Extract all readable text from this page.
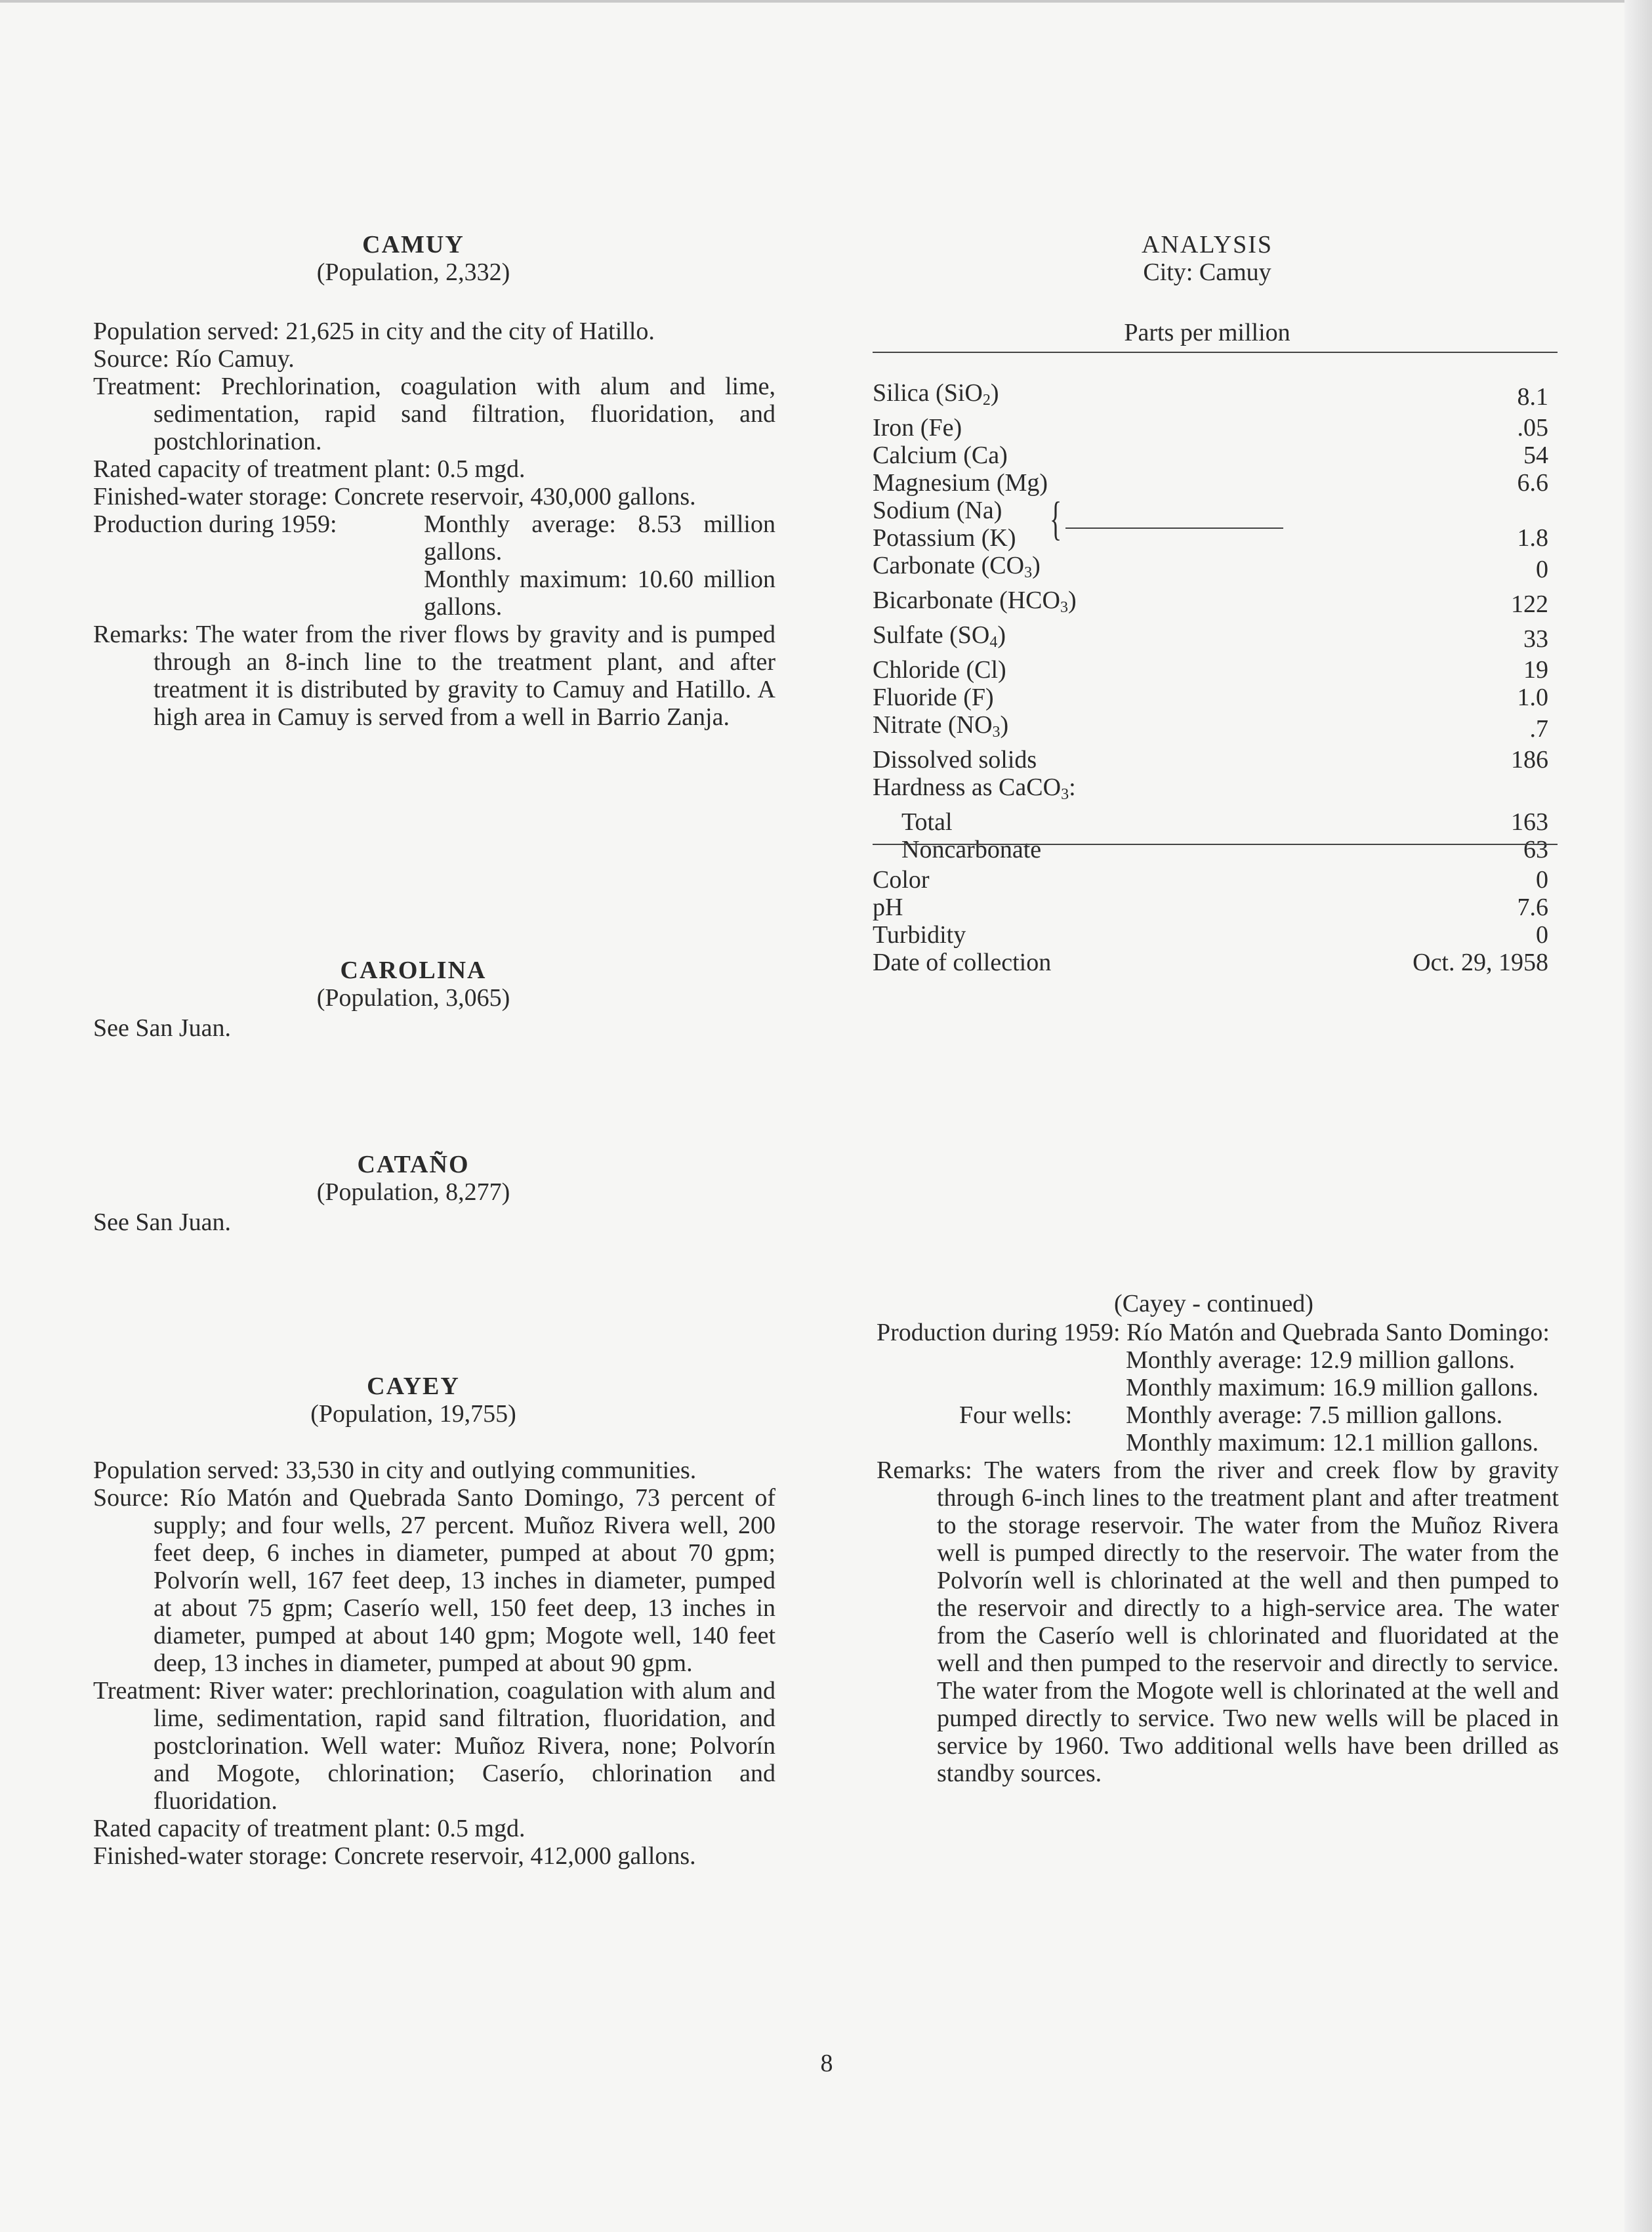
CAMUY
(Population, 2,332)

Population served: 21,625 in city and the city of Hatillo.

Source: Río Camuy.

Treatment: Prechlorination, coagulation with alum and lime, sedimentation, rapid sand filtration, fluoridation, and postchlorination.

Rated capacity of treatment plant: 0.5 mgd.

Finished-water storage: Concrete reservoir, 430,000 gallons.

Production during 1959:	Monthly average: 8.53 million gallons.
Monthly maximum: 10.60 million gallons.

Remarks: The water from the river flows by gravity and is pumped through an 8-inch line to the treatment plant, and after treatment it is distributed by gravity to Camuy and Hatillo. A high area in Camuy is served from a well in Barrio Zanja.

ANALYSIS
City: Camuy
Parts per million
Silica (SiO$_2$)	8.1
Iron (Fe)	.05
Calcium (Ca)	54
Magnesium (Mg)	6.6
Sodium (Na)	
Potassium (K)	1.8
Carbonate $(CO_3)$	0
Bicarbonate $(HCO_3)$	122
Sulfate $(SO_4)$	33
Chloride (Cl)	19
Fluoride (F)	1.0
Nitrate $(NO_3)$	.7
Dissolved solids	186
Hardness as CaCO$_3$:	
Total	163
Noncarbonate	63
{
Color	0
pH	7.6
Turbidity	0
Date of collection	Oct. 29, 1958
CAROLINA
(Population, 3,065)
See San Juan.
CATAÑO
(Population, 8,277)
See San Juan.
CAYEY
(Population, 19,755)

Population served: 33,530 in city and outlying communities.

Source: Río Matón and Quebrada Santo Domingo, 73 percent of supply; and four wells, 27 percent. Muñoz Rivera well, 200 feet deep, 6 inches in diameter, pumped at about 70 gpm; Polvorín well, 167 feet deep, 13 inches in diameter, pumped at about 75 gpm; Caserío well, 150 feet deep, 13 inches in diameter, pumped at about 140 gpm; Mogote well, 140 feet deep, 13 inches in diameter, pumped at about 90 gpm.

Treatment: River water: prechlorination, coagulation with alum and lime, sedimentation, rapid sand filtration, fluoridation, and postclorination. Well water: Muñoz Rivera, none; Polvorín and Mogote, chlorination; Caserío, chlorination and fluoridation.

Rated capacity of treatment plant: 0.5 mgd.

Finished-water storage: Concrete reservoir, 412,000 gallons.

(Cayey - continued)

Production during 1959: Río Matón and Quebrada Santo Domingo:

Monthly average: 12.9 million gallons.
Monthly maximum: 16.9 million gallons.
Four wells: Monthly average: 7.5 million gallons.
Monthly maximum: 12.1 million gallons.

Remarks: The waters from the river and creek flow by gravity through 6-inch lines to the treatment plant and after treatment to the storage reservoir. The water from the Muñoz Rivera well is pumped directly to the reservoir. The water from the Polvorín well is chlorinated at the well and then pumped to the reservoir and directly to a high-service area. The water from the Caserío well is chlorinated and fluoridated at the well and then pumped to the reservoir and directly to service. The water from the Mogote well is chlorinated at the well and pumped directly to service. Two new wells will be placed in service by 1960. Two additional wells have been drilled as standby sources.

8
